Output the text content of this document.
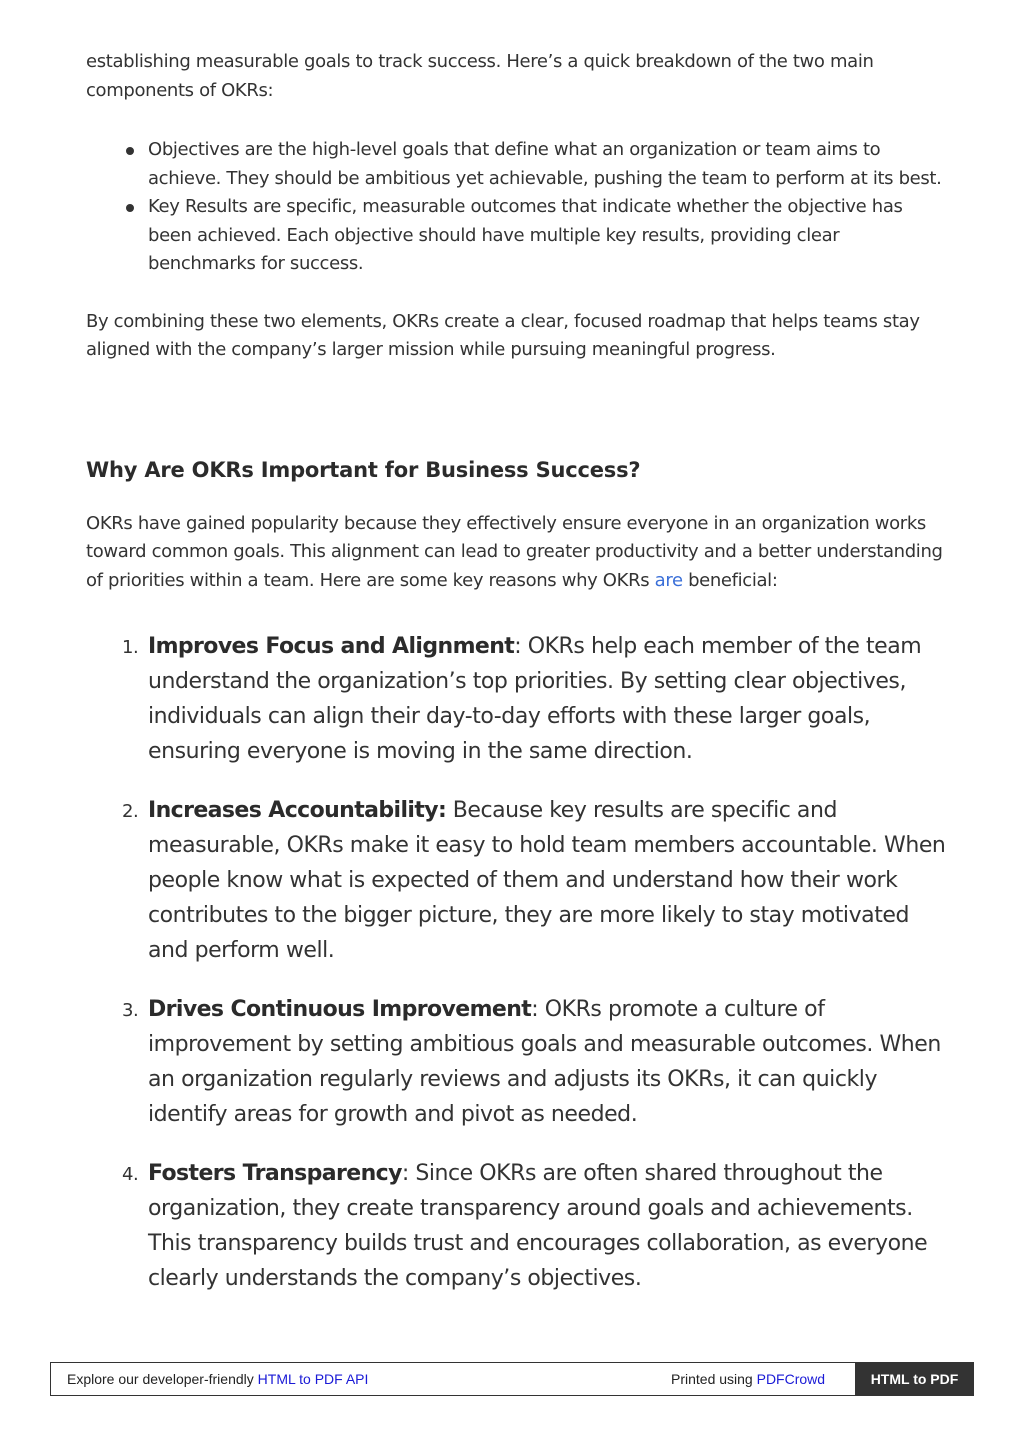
establishing measurable goals to track success. Here’s a quick breakdown of the two main components of OKRs:

Objectives are the high-level goals that define what an organization or team aims to achieve. They should be ambitious yet achievable, pushing the team to perform at its best.
Key Results are specific, measurable outcomes that indicate whether the objective has been achieved. Each objective should have multiple key results, providing clear benchmarks for success.

By combining these two elements, OKRs create a clear, focused roadmap that helps teams stay aligned with the company’s larger mission while pursuing meaningful progress.

Why Are OKRs Important for Business Success?

OKRs have gained popularity because they effectively ensure everyone in an organization works toward common goals. This alignment can lead to greater productivity and a better understanding of priorities within a team. Here are some key reasons why OKRs are beneficial:

1. Improves Focus and Alignment: OKRs help each member of the team understand the organization’s top priorities. By setting clear objectives, individuals can align their day-to-day efforts with these larger goals, ensuring everyone is moving in the same direction.
2. Increases Accountability: Because key results are specific and measurable, OKRs make it easy to hold team members accountable. When people know what is expected of them and understand how their work contributes to the bigger picture, they are more likely to stay motivated and perform well.
3. Drives Continuous Improvement: OKRs promote a culture of improvement by setting ambitious goals and measurable outcomes. When an organization regularly reviews and adjusts its OKRs, it can quickly identify areas for growth and pivot as needed.
4. Fosters Transparency: Since OKRs are often shared throughout the organization, they create transparency around goals and achievements. This transparency builds trust and encourages collaboration, as everyone clearly understands the company’s objectives.
Explore our developer-friendly HTML to PDF API	Printed using PDFCrowd	HTML to PDF
